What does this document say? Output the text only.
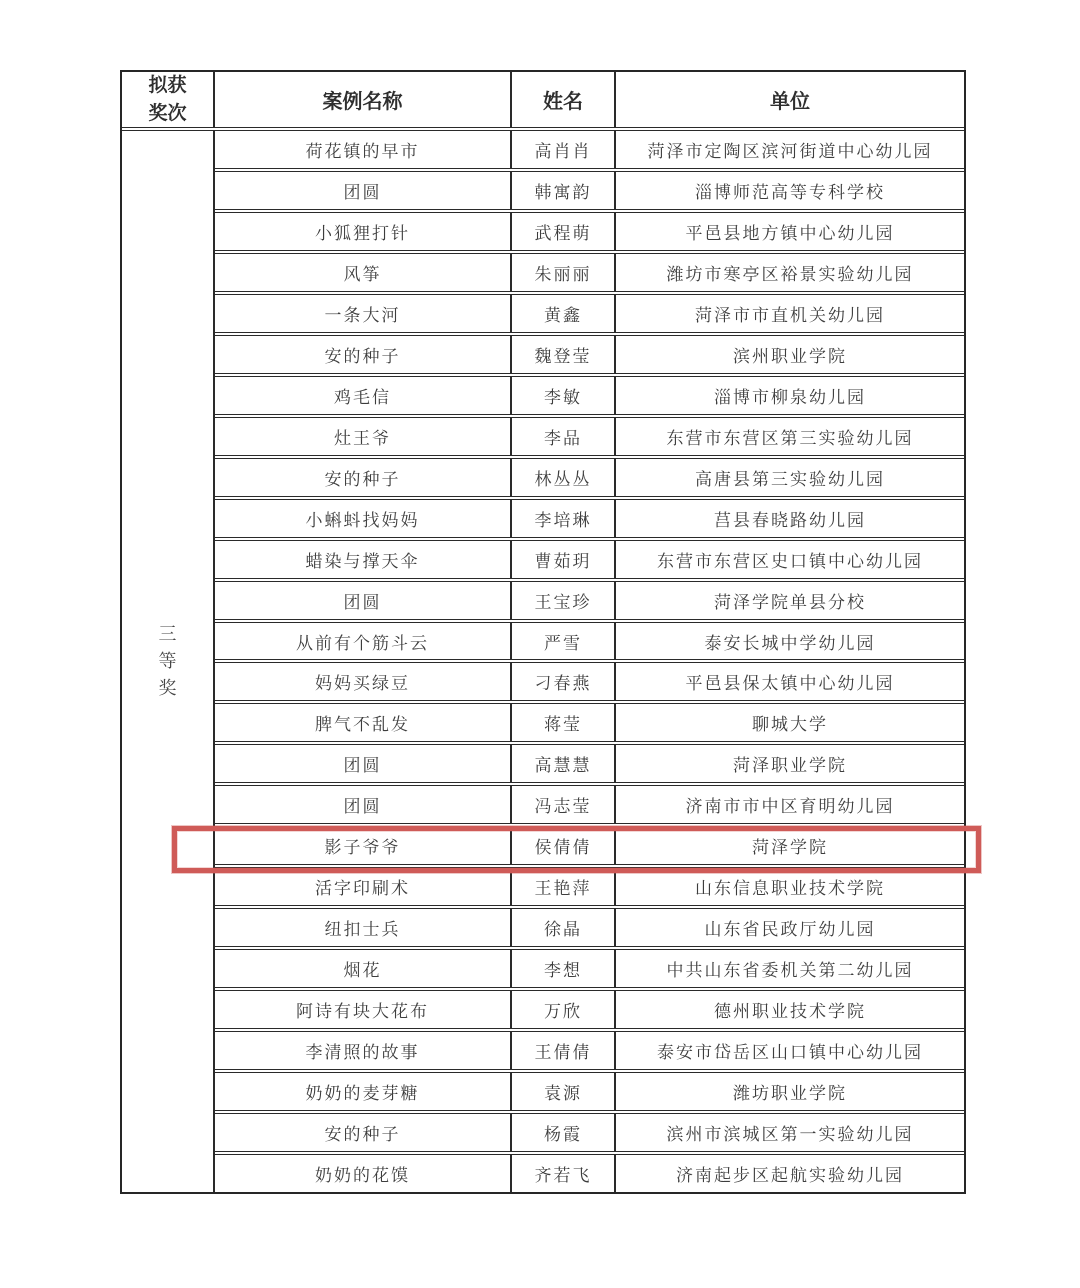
拟获奖次	案例名称	姓名	单位
三等奖
荷花镇的早市	高肖肖	菏泽市定陶区滨河街道中心幼儿园
团圆	韩寓韵	淄博师范高等专科学校
小狐狸打针	武程萌	平邑县地方镇中心幼儿园
风筝	朱丽丽	潍坊市寒亭区裕景实验幼儿园
一条大河	黄鑫	菏泽市市直机关幼儿园
安的种子	魏登莹	滨州职业学院
鸡毛信	李敏	淄博市柳泉幼儿园
灶王爷	李品	东营市东营区第三实验幼儿园
安的种子	林丛丛	高唐县第三实验幼儿园
小蝌蚪找妈妈	李培琳	莒县春晓路幼儿园
蜡染与撑天伞	曹茹玥	东营市东营区史口镇中心幼儿园
团圆	王宝珍	菏泽学院单县分校
从前有个筋斗云	严雪	泰安长城中学幼儿园
妈妈买绿豆	刁春燕	平邑县保太镇中心幼儿园
脾气不乱发	蒋莹	聊城大学
团圆	高慧慧	菏泽职业学院
团圆	冯志莹	济南市市中区育明幼儿园
影子爷爷	侯倩倩	菏泽学院
活字印刷术	王艳萍	山东信息职业技术学院
纽扣士兵	徐晶	山东省民政厅幼儿园
烟花	李想	中共山东省委机关第二幼儿园
阿诗有块大花布	万欣	德州职业技术学院
李清照的故事	王倩倩	泰安市岱岳区山口镇中心幼儿园
奶奶的麦芽糖	袁源	潍坊职业学院
安的种子	杨霞	滨州市滨城区第一实验幼儿园
奶奶的花馍	齐若飞	济南起步区起航实验幼儿园
